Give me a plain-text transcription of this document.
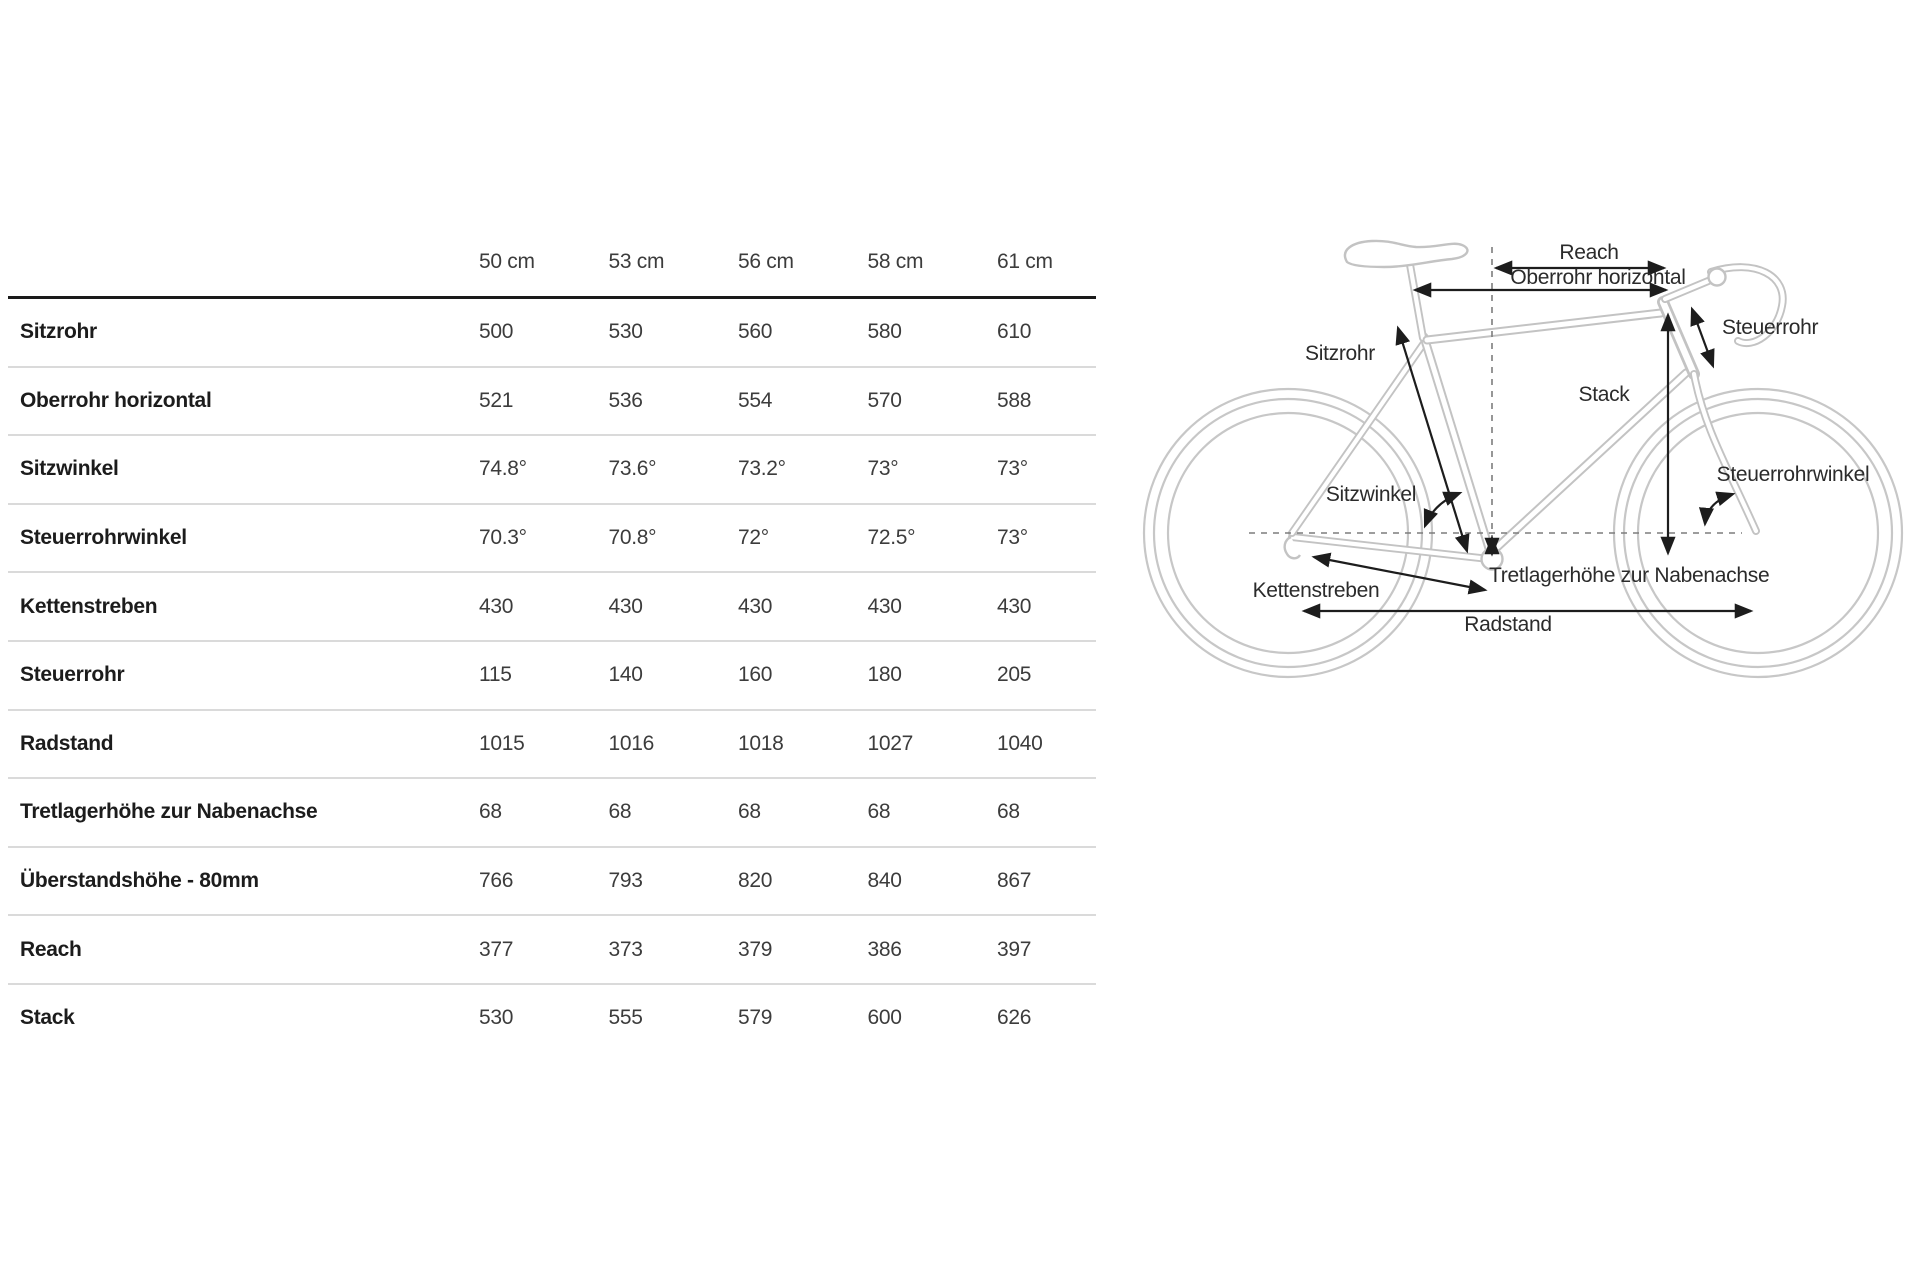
50 cm	53 cm	56 cm	58 cm	61 cm
Sitzrohr	500	530	560	580	610
Oberrohr horizontal	521	536	554	570	588
Sitzwinkel	74.8°	73.6°	73.2°	73°	73°
Steuerrohrwinkel	70.3°	70.8°	72°	72.5°	73°
Kettenstreben	430	430	430	430	430
Steuerrohr	115	140	160	180	205
Radstand	1015	1016	1018	1027	1040
Tretlagerhöhe zur Nabenachse	68	68	68	68	68
Überstandshöhe - 80mm	766	793	820	840	867
Reach	377	373	379	386	397
Stack	530	555	579	600	626
Reach
Oberrohr horizontal
Steuerrohr
Sitzrohr
Stack
Sitzwinkel
Steuerrohrwinkel
Tretlagerhöhe zur Nabenachse
Kettenstreben
Radstand
